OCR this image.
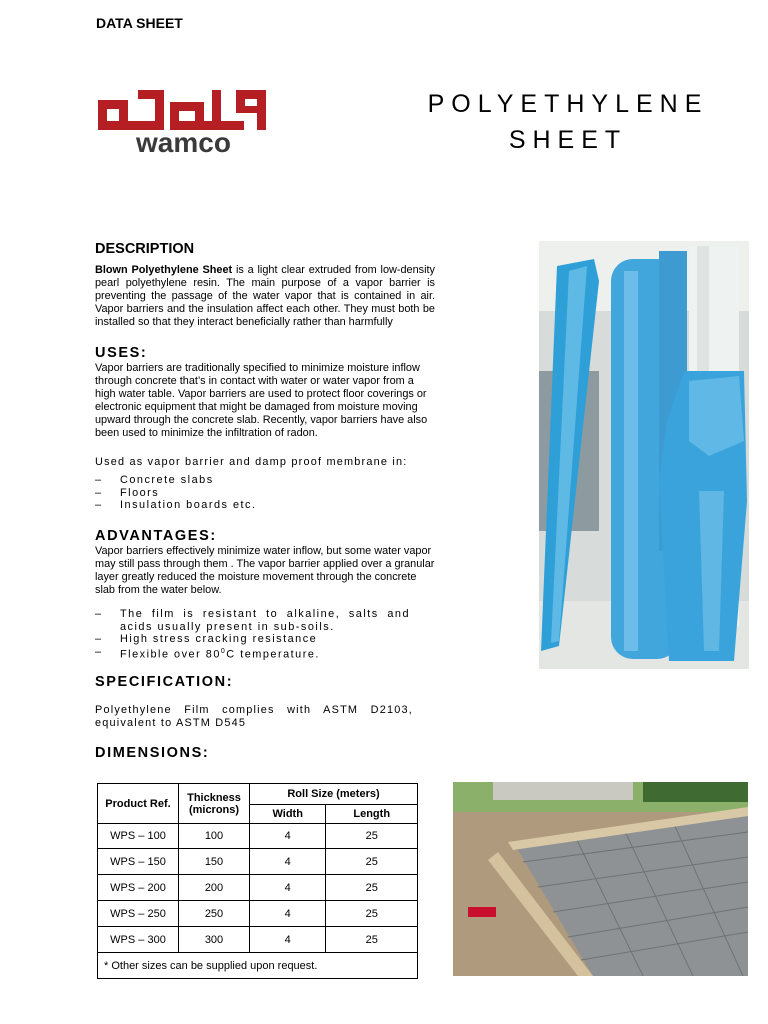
DATA SHEET
wamco
POLYETHYLENE
SHEET
DESCRIPTION
Blown Polyethylene Sheet is a light clear extruded from low-density pearl polyethylene resin. The main purpose of a vapor barrier is preventing the passage of the water vapor that is contained in air. Vapor barriers and the insulation affect each other. They must both be installed so that they interact beneficially rather than harmfully
USES:
Vapor barriers are traditionally specified to minimize moisture inflow through concrete that’s in contact with water or water vapor from a high water table. Vapor barriers are used to protect floor coverings or electronic equipment that might be damaged from moisture moving upward through the concrete slab. Recently, vapor barriers have also been used to minimize the infiltration of radon.
Used as vapor barrier and damp proof membrane in:
–	Concrete slabs
–	Floors
–	Insulation boards etc.
ADVANTAGES:
Vapor barriers effectively minimize water inflow, but some water vapor may still pass through them . The vapor barrier applied over a granular layer greatly reduced the moisture movement through the concrete slab from the water below.
–	The film is resistant to alkaline, salts and acids usually present in sub-soils.
–	High stress cracking resistance
–	Flexible over $80^0C$ temperature.
SPECIFICATION:
Polyethylene Film complies with ASTM D2103, equivalent to ASTM D545
DIMENSIONS:
Product Ref.	Thickness (microns)	Roll Size (meters)	
		Width	Length
WPS – 100	100	4	25
WPS – 150	150	4	25
WPS – 200	200	4	25
WPS – 250	250	4	25
WPS – 300	300	4	25
* Other sizes can be supplied upon request.			
